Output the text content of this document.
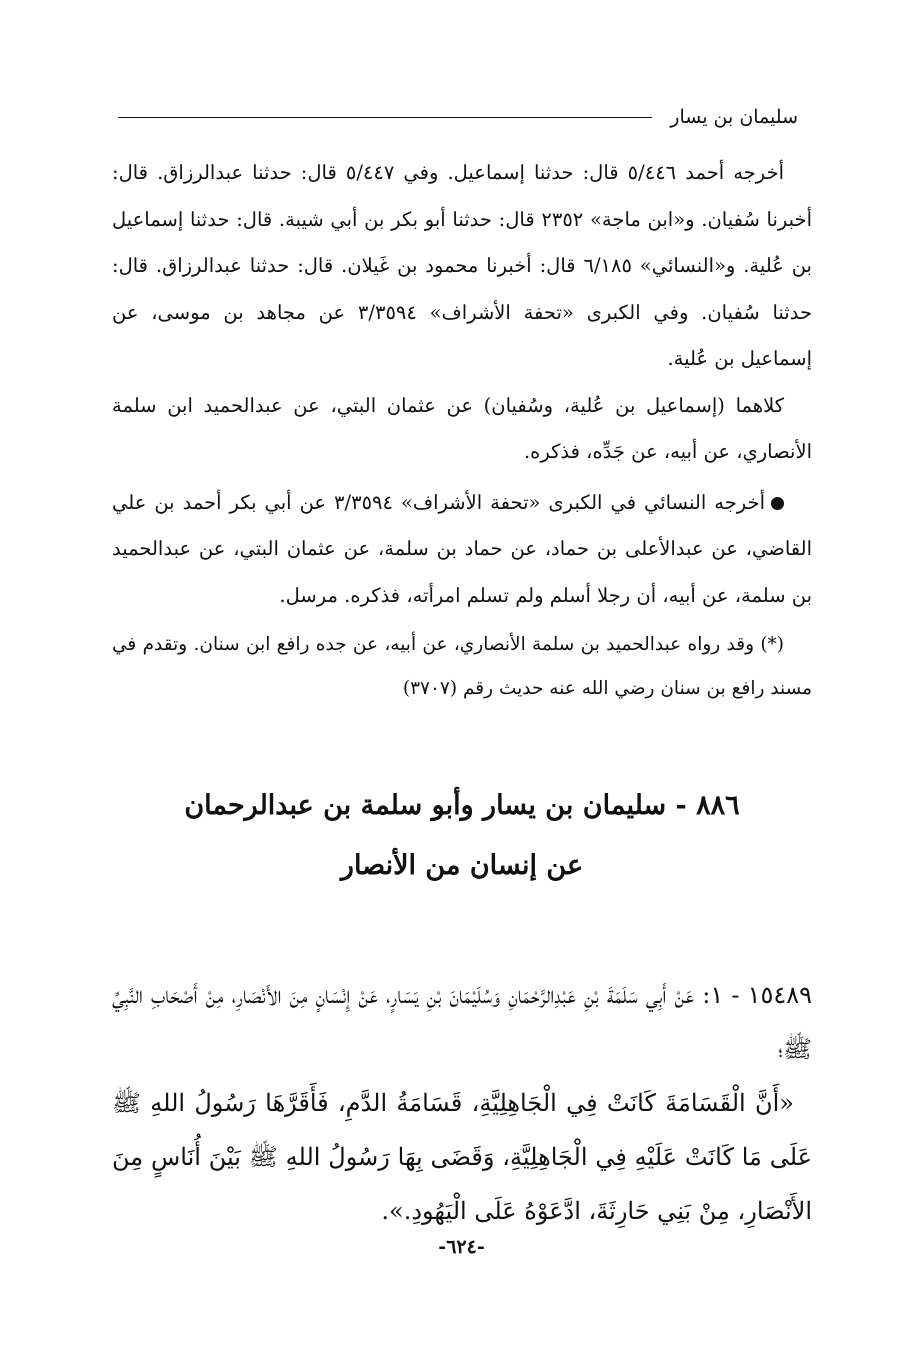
سليمان بن يسار

أخرجه أحمد ٥/٤٤٦ قال: حدثنا إسماعيل. وفي ٥/٤٤٧ قال: حدثنا عبدالرزاق. قال: أخبرنا سُفيان. و«ابن ماجة» ٢٣٥٢ قال: حدثنا أبو بكر بن أبي شيبة. قال: حدثنا إسماعيل بن عُلية. و«النسائي» ٦/١٨٥ قال: أخبرنا محمود بن غَيلان. قال: حدثنا عبدالرزاق. قال: حدثنا سُفيان. وفي الكبرى «تحفة الأشراف» ٣/٣٥٩٤ عن مجاهد بن موسى، عن إسماعيل بن عُلية.

كلاهما (إسماعيل بن عُلية، وسُفيان) عن عثمان البتي، عن عبدالحميد ابن سلمة الأنصاري، عن أبيه، عن جَدِّه، فذكره.

أخرجه النسائي في الكبرى «تحفة الأشراف» ٣/٣٥٩٤ عن أبي بكر أحمد بن علي القاضي، عن عبدالأعلى بن حماد، عن حماد بن سلمة، عن عثمان البتي، عن عبدالحميد بن سلمة، عن أبيه، أن رجلا أسلم ولم تسلم امرأته، فذكره. مرسل.

(*) وقد رواه عبدالحميد بن سلمة الأنصاري، عن أبيه، عن جده رافع ابن سنان. وتقدم في مسند رافع بن سنان رضي الله عنه حديث رقم (٣٧٠٧)

٨٨٦ - سليمان بن يسار وأبو سلمة بن عبدالرحمان
عن إنسان من الأنصار

١٥٤٨٩ - ١: عَنْ أَبِي سَلَمَةَ بْنِ عَبْدِالرَّحْمَانِ وَسُلَيْمَانَ بْنِ يَسَارٍ، عَنْ إِنْسَانٍ مِنَ الأَنْصَارِ، مِنْ أَصْحَابِ النَّبِيِّ ﷺ؛

«أَنَّ الْقَسَامَةَ كَانَتْ فِي الْجَاهِلِيَّةِ، قَسَامَةُ الدَّمِ، فَأَقَرَّهَا رَسُولُ اللهِ ﷺ عَلَى مَا كَانَتْ عَلَيْهِ فِي الْجَاهِلِيَّةِ، وَقَضَى بِهَا رَسُولُ اللهِ ﷺ بَيْنَ أُنَاسٍ مِنَ الأَنْصَارِ، مِنْ بَنِي حَارِثَةَ، ادَّعَوْهُ عَلَى الْيَهُودِ.».

-٦٢٤-
